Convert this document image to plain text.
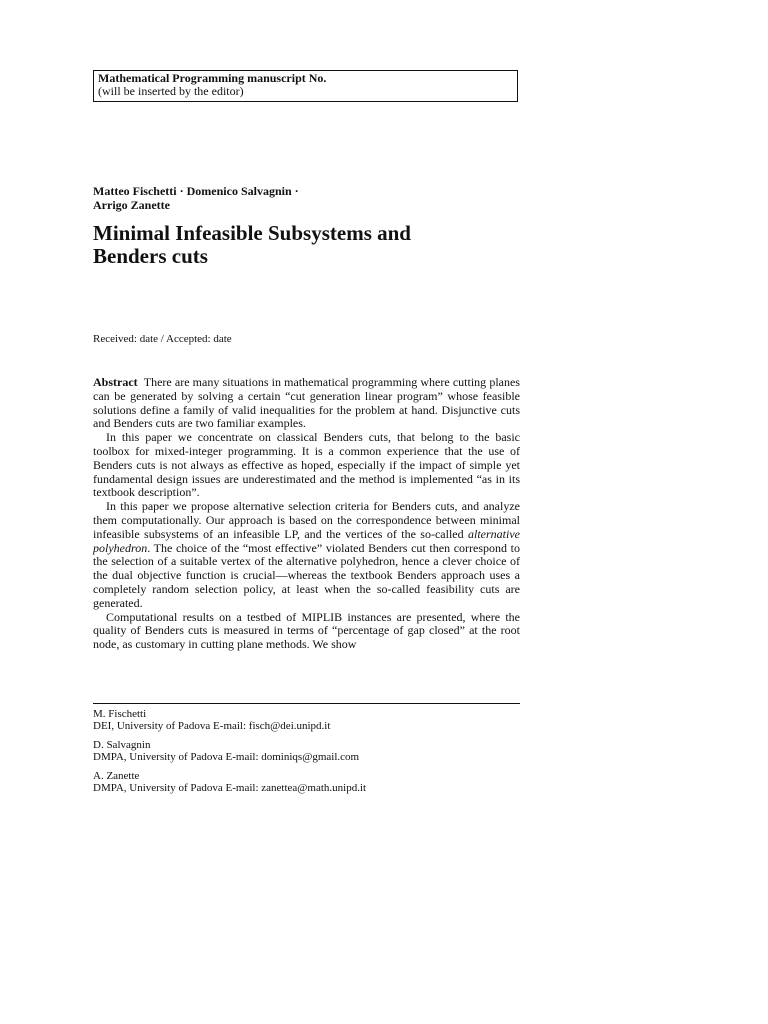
Mathematical Programming manuscript No.
(will be inserted by the editor)
Matteo Fischetti · Domenico Salvagnin ·
Arrigo Zanette
Minimal Infeasible Subsystems and
Benders cuts
Received: date / Accepted: date

Abstract There are many situations in mathematical programming where cutting planes can be generated by solving a certain “cut generation linear program” whose feasible solutions define a family of valid inequalities for the problem at hand. Disjunctive cuts and Benders cuts are two familiar examples.

In this paper we concentrate on classical Benders cuts, that belong to the basic toolbox for mixed-integer programming. It is a common experience that the use of Benders cuts is not always as effective as hoped, especially if the impact of simple yet fundamental design issues are underestimated and the method is implemented “as in its textbook description”.

In this paper we propose alternative selection criteria for Benders cuts, and analyze them computationally. Our approach is based on the correspondence between minimal infeasible subsystems of an infeasible LP, and the vertices of the so-called alternative polyhedron. The choice of the “most effective” violated Benders cut then correspond to the selection of a suitable vertex of the alternative polyhedron, hence a clever choice of the dual objective function is crucial—whereas the textbook Benders approach uses a completely random selection policy, at least when the so-called feasibility cuts are generated.

Computational results on a testbed of MIPLIB instances are presented, where the quality of Benders cuts is measured in terms of “percentage of gap closed” at the root node, as customary in cutting plane methods. We show

M. Fischetti
DEI, University of Padova E-mail: fisch@dei.unipd.it
D. Salvagnin
DMPA, University of Padova E-mail: dominiqs@gmail.com
A. Zanette
DMPA, University of Padova E-mail: zanettea@math.unipd.it
